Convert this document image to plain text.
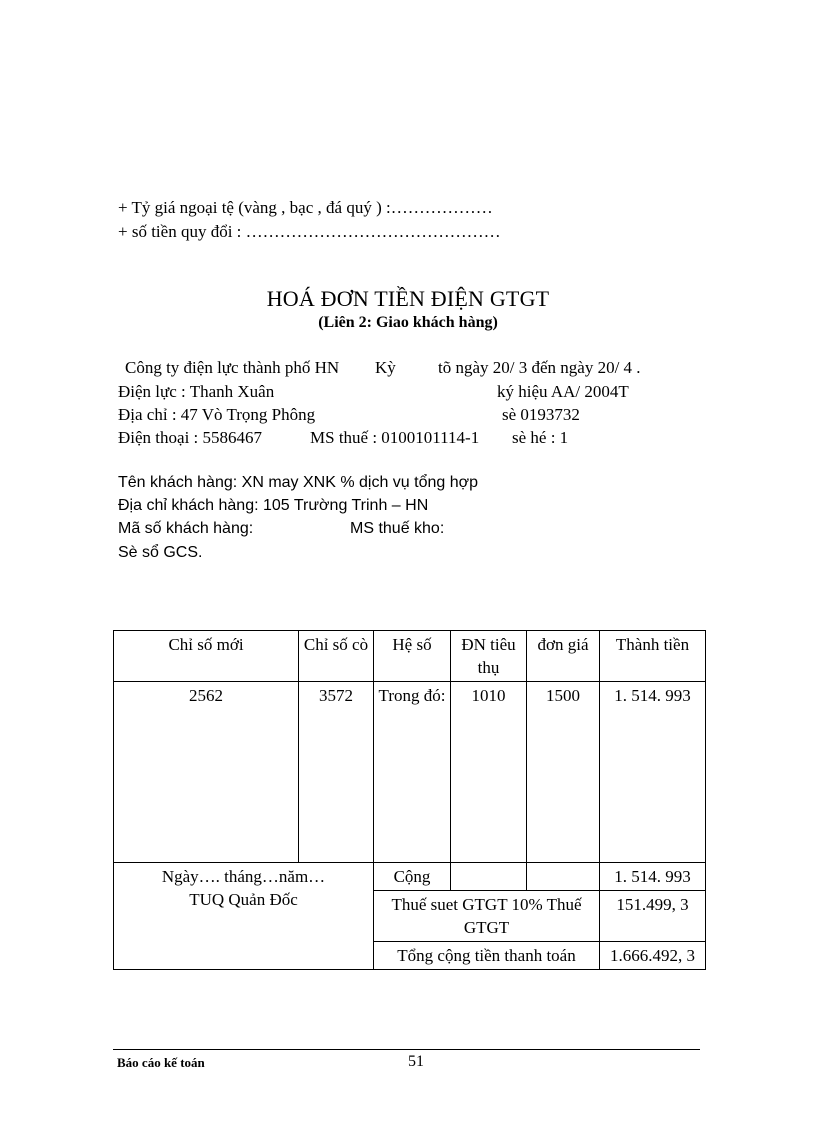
+ Tỷ giá ngoại tệ (vàng , bạc , đá quý ) :………………
+ số tiền quy đổi : ………………………………………
HOÁ ĐƠN TIỀN ĐIỆN GTGT
(Liên 2: Giao khách hàng)
Công ty điện lực thành phố HN Kỳ tõ ngày 20/ 3 đến ngày 20/ 4 .
Điện lực : Thanh Xuân	ký hiệu AA/ 2004T
Địa chỉ : 47 Vò Trọng Phông	sè 0193732
Điện thoại : 5586467	MS thuế : 0100101114-1 sè hé : 1
Tên khách hàng: XN may XNK % dịch vụ tổng hợp
Địa chỉ khách hàng: 105 Trường Trinh – HN
Mã số khách hàng:	MS thuế kho:
Sè sổ GCS.
Chỉ số mới	Chỉ số cò	Hệ số	ĐN tiêu thụ	đơn giá	Thành tiền
2562	3572	Trong đó:	1010	1500	1. 514. 993

Ngày…. tháng…năm…
TUQ Quản Đốc		Cộng			1. 514. 993
		Thuế suet GTGT 10% Thuế GTGT			151.499, 3
		Tổng cộng tiền thanh toán			1.666.492, 3
Báo cáo kế toán	51
